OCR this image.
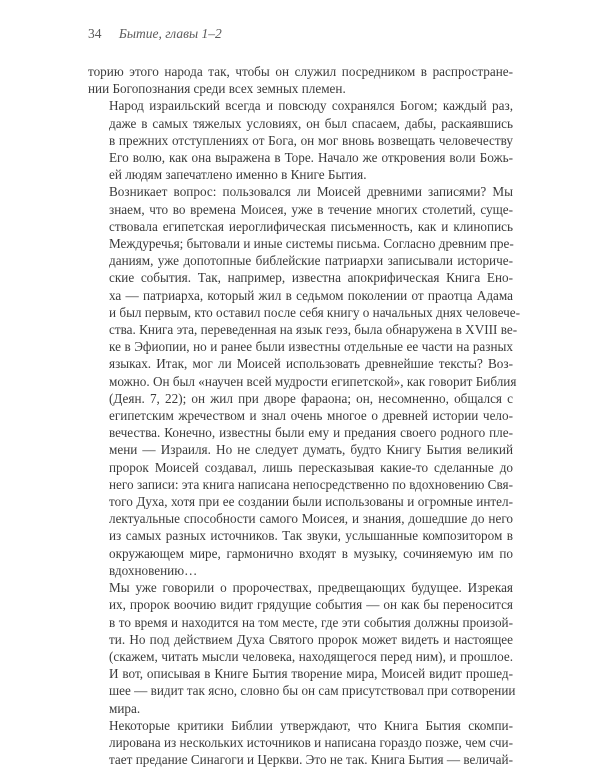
34 Бытие, главы 1–2

торию этого народа так, чтобы он служил посредником в распростране-
нии Богопознания среди всех земных племен.

Народ израильский всегда и повсюду сохранялся Богом; каждый раз,
даже в самых тяжелых условиях, он был спасаем, дабы, раскаявшись
в прежних отступлениях от Бога, он мог вновь возвещать человечеству
Его волю, как она выражена в Торе. Начало же откровения воли Божь-
ей людям запечатлено именно в Книге Бытия.

Возникает вопрос: пользовался ли Моисей древними записями? Мы
знаем, что во времена Моисея, уже в течение многих столетий, суще-
ствовала египетская иероглифическая письменность, как и клинопись
Междуречья; бытовали и иные системы письма. Согласно древним пре-
даниям, уже допотопные библейские патриархи записывали историче-
ские события. Так, например, известна апокрифическая Книга Ено-
ха — патриарха, который жил в седьмом поколении от праотца Адама
и был первым, кто оставил после себя книгу о начальных днях человече-
ства. Книга эта, переведенная на язык геэз, была обнаружена в XVIII ве-
ке в Эфиопии, но и ранее были известны отдельные ее части на разных
языках. Итак, мог ли Моисей использовать древнейшие тексты? Воз-
можно. Он был «научен всей мудрости египетской», как говорит Библия
(Деян. 7, 22); он жил при дворе фараона; он, несомненно, общался с
египетским жречеством и знал очень многое о древней истории чело-
вечества. Конечно, известны были ему и предания своего родного пле-
мени — Израиля. Но не следует думать, будто Книгу Бытия великий
пророк Моисей создавал, лишь пересказывая какие-то сделанные до
него записи: эта книга написана непосредственно по вдохновению Свя-
того Духа, хотя при ее создании были использованы и огромные интел-
лектуальные способности самого Моисея, и знания, дошедшие до него
из самых разных источников. Так звуки, услышанные композитором в
окружающем мире, гармонично входят в музыку, сочиняемую им по
вдохновению…

Мы уже говорили о пророчествах, предвещающих будущее. Изрекая
их, пророк воочию видит грядущие события — он как бы переносится
в то время и находится на том месте, где эти события должны произой-
ти. Но под действием Духа Святого пророк может видеть и настоящее
(скажем, читать мысли человека, находящегося перед ним), и прошлое.
И вот, описывая в Книге Бытия творение мира, Моисей видит прошед-
шее — видит так ясно, словно бы он сам присутствовал при сотворении
мира.

Некоторые критики Библии утверждают, что Книга Бытия скомпи-
лирована из нескольких источников и написана гораздо позже, чем счи-
тает предание Синагоги и Церкви. Это не так. Книга Бытия — величай-
